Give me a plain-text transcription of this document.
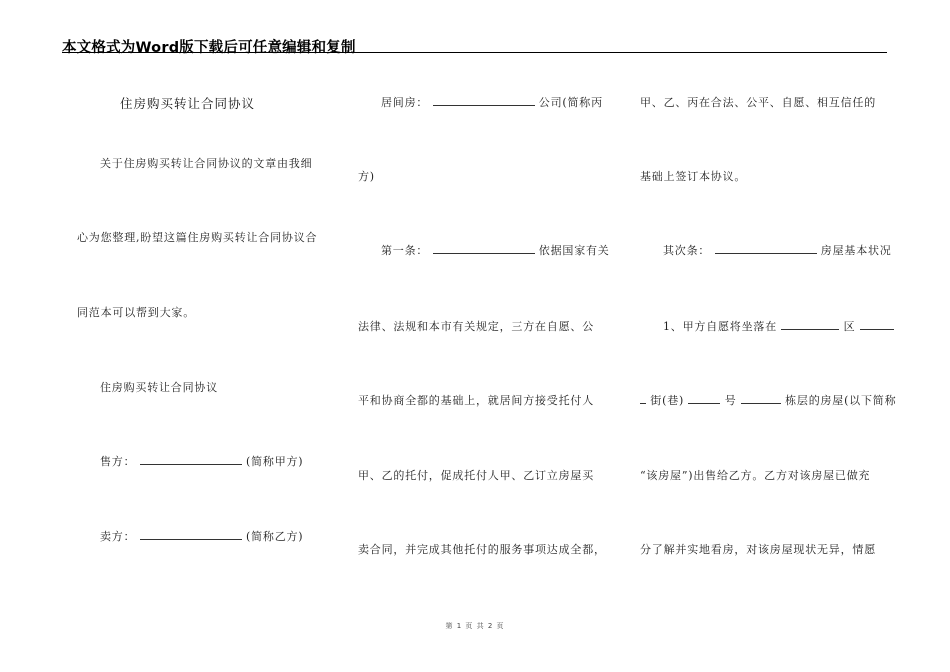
本文格式为Word版下载后可任意编辑和复制
住房购买转让合同协议
关于住房购买转让合同协议的文章由我细
心为您整理,盼望这篇住房购买转让合同协议合
同范本可以帮到大家。
住房购买转让合同协议
售方：	(简称甲方)
卖方：	(简称乙方)
居间房：	公司(简称丙
方)
第一条：	依据国家有关
法律、法规和本市有关规定，三方在自愿、公
平和协商全都的基础上，就居间方接受托付人
甲、乙的托付，促成托付人甲、乙订立房屋买
卖合同，并完成其他托付的服务事项达成全都，
甲、乙、丙在合法、公平、自愿、相互信任的
基础上签订本协议。
其次条：	房屋基本状况
1、甲方自愿将坐落在	区
街(巷)	号	栋层的房屋(以下简称
“该房屋”)出售给乙方。乙方对该房屋已做充
分了解并实地看房，对该房屋现状无异，情愿
第 1 页 共 2 页
